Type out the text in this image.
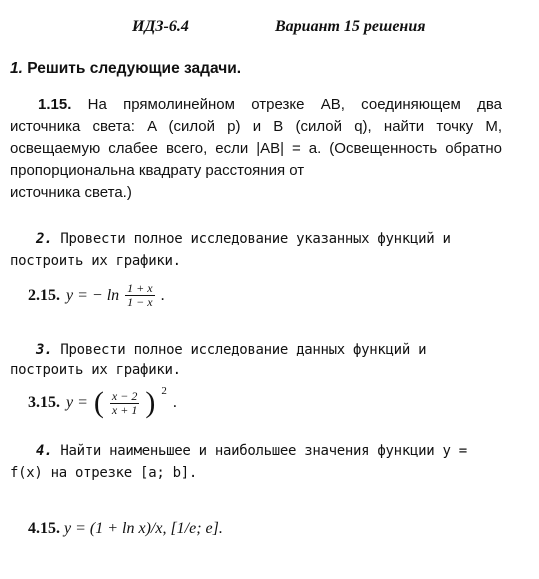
ИДЗ-6.4	Вариант 15 решения
1. Решить следующие задачи.
1.15. На прямолинейном отрезке AB, соединяющем два источника света: A (силой p) и B (силой q), найти точку M, освещаемую слабее всего, если |AB| = a. (Освещенность обратно пропорциональна квадрату расстояния от
источника света.)
2. Провести полное исследование указанных функций и построить их графики.
2.15. y = − $\ln \frac{1 + x}{1 - x}$ .
3. Провести полное исследование данных функций и построить их графики.
3.15. y = ( $\frac{x - 2}{x + 1}$ ) 2
.
4. Найти наименьшее и наибольшее значения функции y = f(x) на отрезке [a; b].
4.15. y = (1 + ln x)/x, [1/e; e].
